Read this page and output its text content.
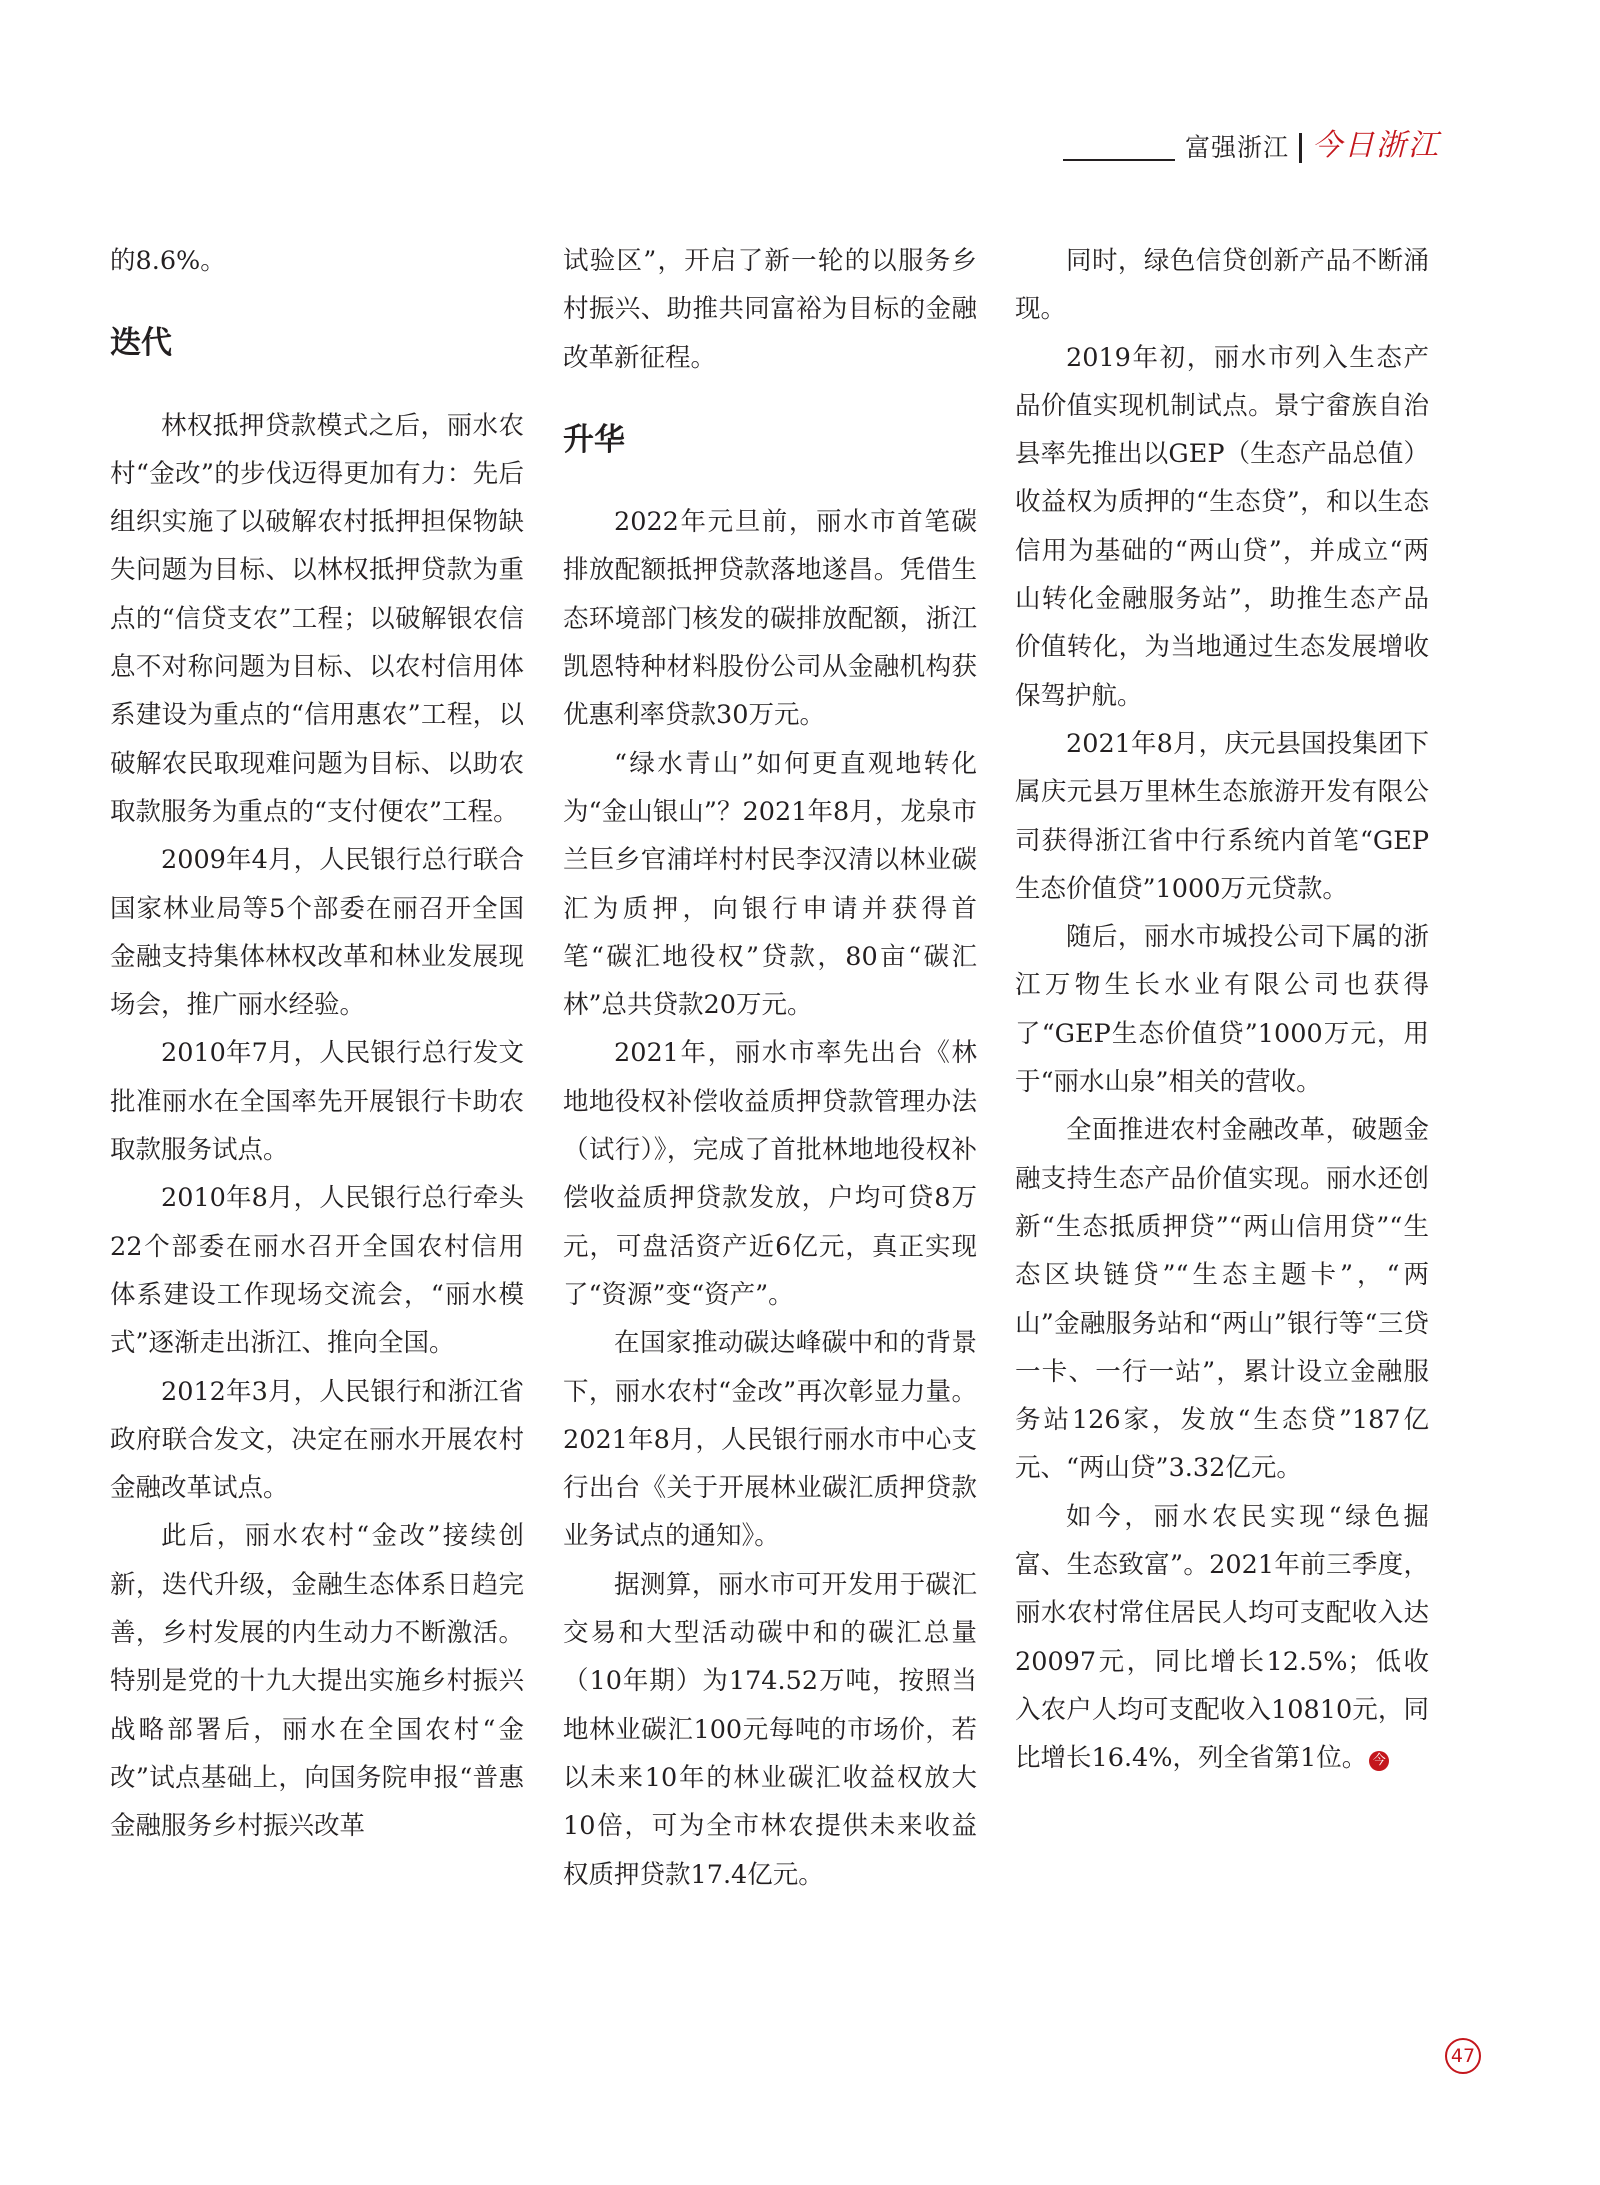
富强浙江 今日浙江

的8.6%。

迭代

林权抵押贷款模式之后，丽水农村“金改”的步伐迈得更加有力：先后组织实施了以破解农村抵押担保物缺失问题为目标、以林权抵押贷款为重点的“信贷支农”工程；以破解银农信息不对称问题为目标、以农村信用体系建设为重点的“信用惠农”工程，以破解农民取现难问题为目标、以助农取款服务为重点的“支付便农”工程。

2009年4月，人民银行总行联合国家林业局等5个部委在丽召开全国金融支持集体林权改革和林业发展现场会，推广丽水经验。

2010年7月，人民银行总行发文批准丽水在全国率先开展银行卡助农取款服务试点。

2010年8月，人民银行总行牵头22个部委在丽水召开全国农村信用体系建设工作现场交流会，“丽水模式”逐渐走出浙江、推向全国。

2012年3月，人民银行和浙江省政府联合发文，决定在丽水开展农村金融改革试点。

此后，丽水农村“金改”接续创新，迭代升级，金融生态体系日趋完善，乡村发展的内生动力不断激活。特别是党的十九大提出实施乡村振兴战略部署后，丽水在全国农村“金改”试点基础上，向国务院申报“普惠金融服务乡村振兴改革

试验区”，开启了新一轮的以服务乡村振兴、助推共同富裕为目标的金融改革新征程。

升华

2022年元旦前，丽水市首笔碳排放配额抵押贷款落地遂昌。凭借生态环境部门核发的碳排放配额，浙江凯恩特种材料股份公司从金融机构获优惠利率贷款30万元。

“绿水青山”如何更直观地转化为“金山银山”？2021年8月，龙泉市兰巨乡官浦垟村村民李汉清以林业碳汇为质押，向银行申请并获得首笔“碳汇地役权”贷款，80亩“碳汇林”总共贷款20万元。

2021年，丽水市率先出台《林地地役权补偿收益质押贷款管理办法（试行）》，完成了首批林地地役权补偿收益质押贷款发放，户均可贷8万元，可盘活资产近6亿元，真正实现了“资源”变“资产”。

在国家推动碳达峰碳中和的背景下，丽水农村“金改”再次彰显力量。2021年8月，人民银行丽水市中心支行出台《关于开展林业碳汇质押贷款业务试点的通知》。

据测算，丽水市可开发用于碳汇交易和大型活动碳中和的碳汇总量（10年期）为174.52万吨，按照当地林业碳汇100元每吨的市场价，若以未来10年的林业碳汇收益权放大10倍，可为全市林农提供未来收益权质押贷款17.4亿元。

同时，绿色信贷创新产品不断涌现。

2019年初，丽水市列入生态产品价值实现机制试点。景宁畲族自治县率先推出以GEP（生态产品总值）收益权为质押的“生态贷”，和以生态信用为基础的“两山贷”，并成立“两山转化金融服务站”，助推生态产品价值转化，为当地通过生态发展增收保驾护航。

2021年8月，庆元县国投集团下属庆元县万里林生态旅游开发有限公司获得浙江省中行系统内首笔“GEP生态价值贷”1000万元贷款。

随后，丽水市城投公司下属的浙江万物生长水业有限公司也获得了“GEP生态价值贷”1000万元，用于“丽水山泉”相关的营收。

全面推进农村金融改革，破题金融支持生态产品价值实现。丽水还创新“生态抵质押贷”“两山信用贷”“生态区块链贷”“生态主题卡”，“两山”金融服务站和“两山”银行等“三贷一卡、一行一站”，累计设立金融服务站126家，发放“生态贷”187亿元、“两山贷”3.32亿元。

如今，丽水农民实现“绿色掘富、生态致富”。2021年前三季度，丽水农村常住居民人均可支配收入达20097元，同比增长12.5%；低收入农户人均可支配收入10810元，同比增长16.4%，列全省第1位。 今

47
